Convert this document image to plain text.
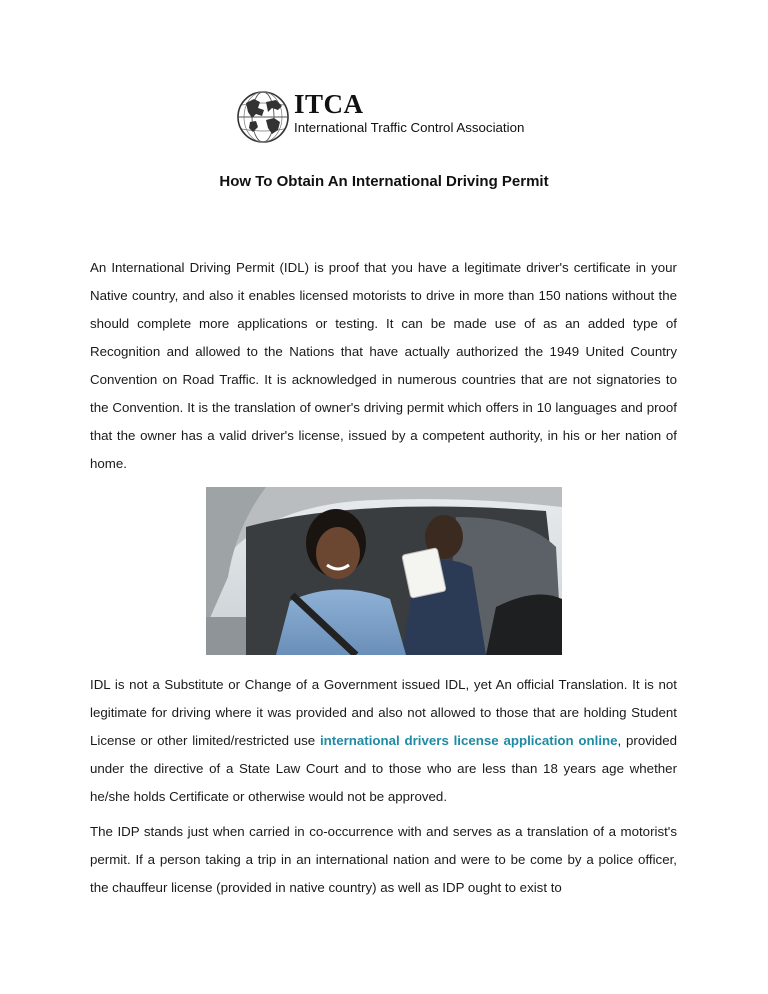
ITCA
International Traffic Control Association
How To Obtain An International Driving Permit

An International Driving Permit (IDL) is proof that you have a legitimate driver's certificate in your Native country, and also it enables licensed motorists to drive in more than 150 nations without the should complete more applications or testing. It can be made use of as an added type of Recognition and allowed to the Nations that have actually authorized the 1949 United Country Convention on Road Traffic. It is acknowledged in numerous countries that are not signatories to the Convention. It is the translation of owner's driving permit which offers in 10 languages and proof that the owner has a valid driver's license, issued by a competent authority, in his or her nation of home.

IDL is not a Substitute or Change of a Government issued IDL, yet An official Translation. It is not legitimate for driving where it was provided and also not allowed to those that are holding Student License or other limited/restricted use international drivers license application online, provided under the directive of a State Law Court and to those who are less than 18 years age whether he/she holds Certificate or otherwise would not be approved.

The IDP stands just when carried in co-occurrence with and serves as a translation of a motorist's permit. If a person taking a trip in an international nation and were to be come by a police officer, the chauffeur license (provided in native country) as well as IDP ought to exist to
